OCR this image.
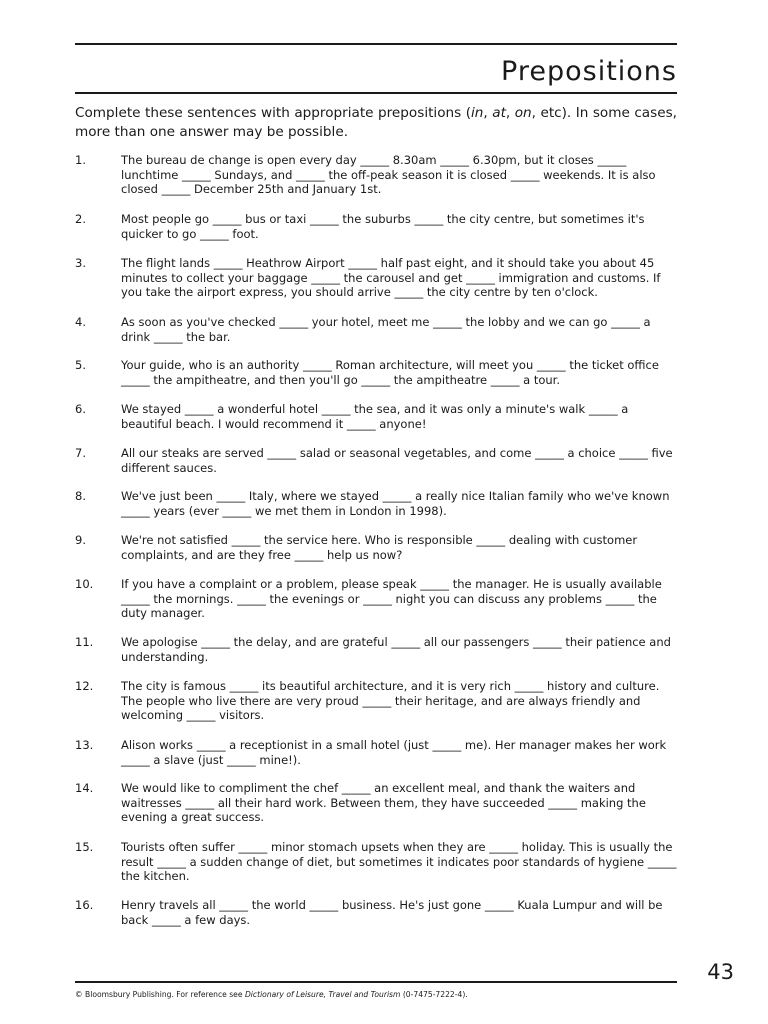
Prepositions

Complete these sentences with appropriate prepositions (in, at, on, etc). In some cases, more than one answer may be possible.

1.	The bureau de change is open every day _____ 8.30am _____ 6.30pm, but it closes _____ lunchtime _____ Sundays, and _____ the off-peak season it is closed _____ weekends. It is also closed _____ December 25th and January 1st.

2.	Most people go _____ bus or taxi _____ the suburbs _____ the city centre, but sometimes it's quicker to go _____ foot.

3.	The flight lands _____ Heathrow Airport _____ half past eight, and it should take you about 45 minutes to collect your baggage _____ the carousel and get _____ immigration and customs. If you take the airport express, you should arrive _____ the city centre by ten o'clock.

4.	As soon as you've checked _____ your hotel, meet me _____ the lobby and we can go _____ a drink _____ the bar.

5.	Your guide, who is an authority _____ Roman architecture, will meet you _____ the ticket office _____ the ampitheatre, and then you'll go _____ the ampitheatre _____ a tour.

6.	We stayed _____ a wonderful hotel _____ the sea, and it was only a minute's walk _____ a beautiful beach. I would recommend it _____ anyone!

7.	All our steaks are served _____ salad or seasonal vegetables, and come _____ a choice _____ five different sauces.

8.	We've just been _____ Italy, where we stayed _____ a really nice Italian family who we've known _____ years (ever _____ we met them in London in 1998).

9.	We're not satisfied _____ the service here. Who is responsible _____ dealing with customer complaints, and are they free _____ help us now?

10. If you have a complaint or a problem, please speak _____ the manager. He is usually available _____ the mornings. _____ the evenings or _____ night you can discuss any problems _____ the duty manager.

11. We apologise _____ the delay, and are grateful _____ all our passengers _____ their patience and understanding.

12. The city is famous _____ its beautiful architecture, and it is very rich _____ history and culture. The people who live there are very proud _____ their heritage, and are always friendly and welcoming _____ visitors.

13. Alison works _____ a receptionist in a small hotel (just _____ me). Her manager makes her work _____ a slave (just _____ mine!).

14. We would like to compliment the chef _____ an excellent meal, and thank the waiters and waitresses _____ all their hard work. Between them, they have succeeded _____ making the evening a great success.

15. Tourists often suffer _____ minor stomach upsets when they are _____ holiday. This is usually the result _____ a sudden change of diet, but sometimes it indicates poor standards of hygiene _____ the kitchen.

16. Henry travels all _____ the world _____ business. He's just gone _____ Kuala Lumpur and will be back _____ a few days.

43
© Bloomsbury Publishing. For reference see Dictionary of Leisure, Travel and Tourism (0-7475-7222-4).
